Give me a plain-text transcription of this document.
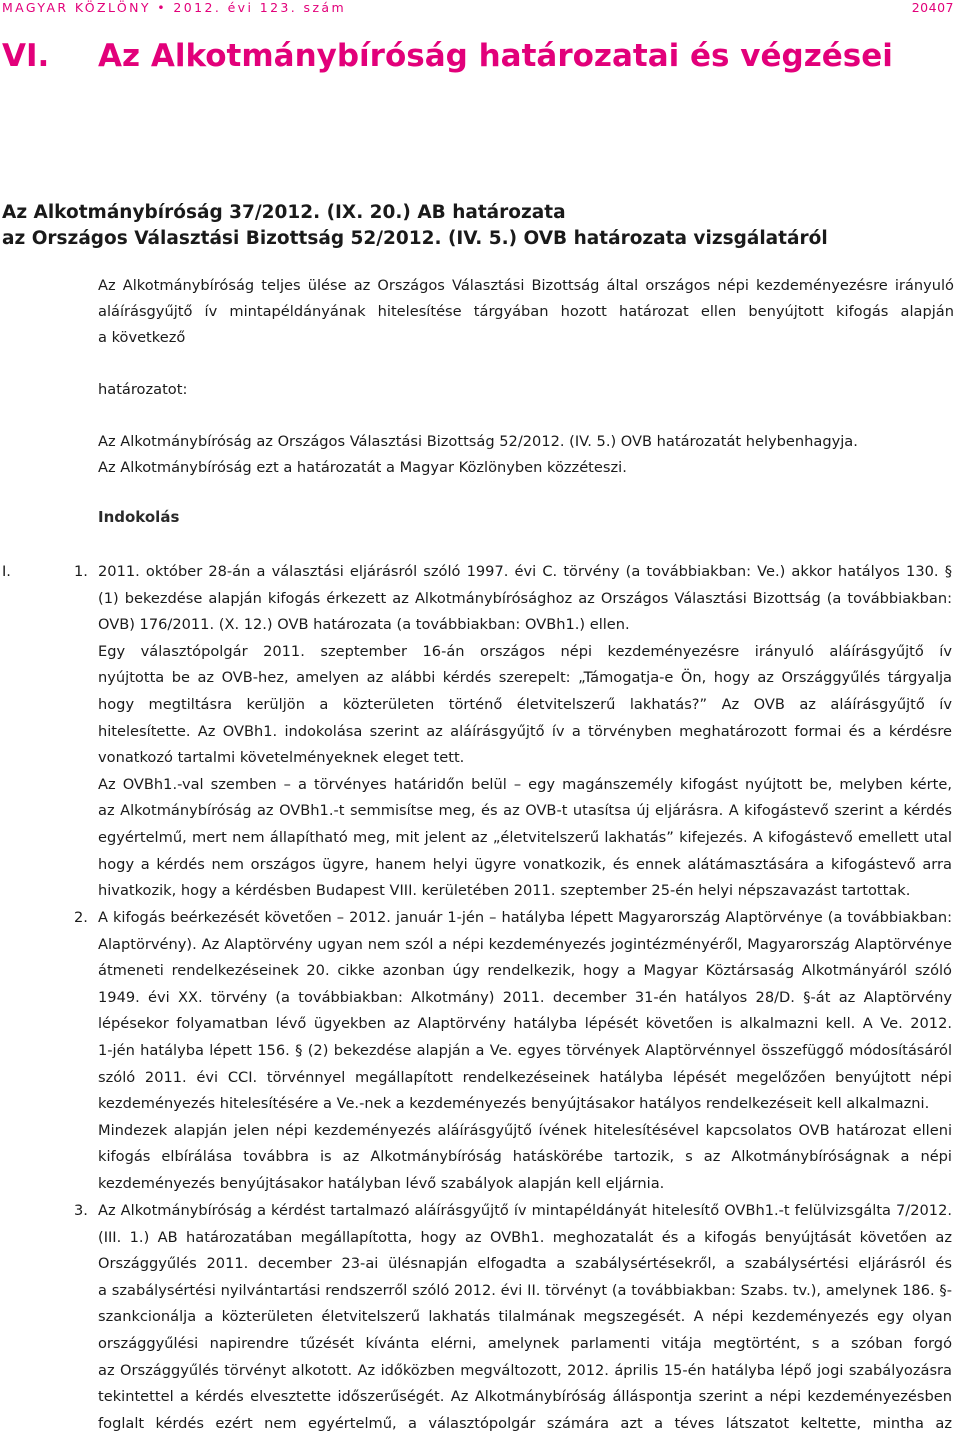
MAGYAR KÖZLÖNY • 2012. évi 123. szám	20407
VI. Az Alkotmánybíróság határozatai és végzései
Az Alkotmánybíróság 37/2012. (IX. 20.) AB határozata
az Országos Választási Bizottság 52/2012. (IV. 5.) OVB határozata vizsgálatáról
Az Alkotmánybíróság teljes ülése az Országos Választási Bizottság által országos népi kezdeményezésre irányuló
aláírásgyűjtő ív mintapéldányának hitelesítése tárgyában hozott határozat ellen benyújtott kifogás alapján
a következő
határozatot:
Az Alkotmánybíróság az Országos Választási Bizottság 52/2012. (IV. 5.) OVB határozatát helybenhagyja.
Az Alkotmánybíróság ezt a határozatát a Magyar Közlönyben közzéteszi.
Indokolás
I.	1. 2011. október 28-án a választási eljárásról szóló 1997. évi C. törvény (a továbbiakban: Ve.) akkor hatályos 130. §
(1) bekezdése alapján kifogás érkezett az Alkotmánybírósághoz az Országos Választási Bizottság (a továbbiakban:
OVB) 176/2011. (X. 12.) OVB határozata (a továbbiakban: OVBh1.) ellen.
Egy választópolgár 2011. szeptember 16-án országos népi kezdeményezésre irányuló aláírásgyűjtő ív
nyújtotta be az OVB-hez, amelyen az alábbi kérdés szerepelt: „Támogatja-e Ön, hogy az Országgyűlés tárgyalja
hogy megtiltásra kerüljön a közterületen történő életvitelszerű lakhatás?” Az OVB az aláírásgyűjtő ív
hitelesítette. Az OVBh1. indokolása szerint az aláírásgyűjtő ív a törvényben meghatározott formai és a kérdésre
vonatkozó tartalmi követelményeknek eleget tett.
Az OVBh1.-val szemben – a törvényes határidőn belül – egy magánszemély kifogást nyújtott be, melyben kérte,
az Alkotmánybíróság az OVBh1.-t semmisítse meg, és az OVB-t utasítsa új eljárásra. A kifogástevő szerint a kérdés
egyértelmű, mert nem állapítható meg, mit jelent az „életvitelszerű lakhatás” kifejezés. A kifogástevő emellett utal
hogy a kérdés nem országos ügyre, hanem helyi ügyre vonatkozik, és ennek alátámasztására a kifogástevő arra
hivatkozik, hogy a kérdésben Budapest VIII. kerületében 2011. szeptember 25-én helyi népszavazást tartottak.
2. A kifogás beérkezését követően – 2012. január 1-jén – hatályba lépett Magyarország Alaptörvénye (a továbbiakban:
Alaptörvény). Az Alaptörvény ugyan nem szól a népi kezdeményezés jogintézményéről, Magyarország Alaptörvénye
átmeneti rendelkezéseinek 20. cikke azonban úgy rendelkezik, hogy a Magyar Köztársaság Alkotmányáról szóló
1949. évi XX. törvény (a továbbiakban: Alkotmány) 2011. december 31-én hatályos 28/D. §-át az Alaptörvény
lépésekor folyamatban lévő ügyekben az Alaptörvény hatályba lépését követően is alkalmazni kell. A Ve. 2012.
1-jén hatályba lépett 156. § (2) bekezdése alapján a Ve. egyes törvények Alaptörvénnyel összefüggő módosításáról
szóló 2011. évi CCI. törvénnyel megállapított rendelkezéseinek hatályba lépését megelőzően benyújtott népi
kezdeményezés hitelesítésére a Ve.-nek a kezdeményezés benyújtásakor hatályos rendelkezéseit kell alkalmazni.
Mindezek alapján jelen népi kezdeményezés aláírásgyűjtő ívének hitelesítésével kapcsolatos OVB határozat elleni
kifogás elbírálása továbbra is az Alkotmánybíróság hatáskörébe tartozik, s az Alkotmánybíróságnak a népi
kezdeményezés benyújtásakor hatályban lévő szabályok alapján kell eljárnia.
3. Az Alkotmánybíróság a kérdést tartalmazó aláírásgyűjtő ív mintapéldányát hitelesítő OVBh1.-t felülvizsgálta 7/2012.
(III. 1.) AB határozatában megállapította, hogy az OVBh1. meghozatalát és a kifogás benyújtását követően az
Országgyűlés 2011. december 23-ai ülésnapján elfogadta a szabálysértésekről, a szabálysértési eljárásról és
a szabálysértési nyilvántartási rendszerről szóló 2012. évi II. törvényt (a továbbiakban: Szabs. tv.), amelynek 186. §-
szankcionálja a közterületen életvitelszerű lakhatás tilalmának megszegését. A népi kezdeményezés egy olyan
országgyűlési napirendre tűzését kívánta elérni, amelynek parlamenti vitája megtörtént, s a szóban forgó
az Országgyűlés törvényt alkotott. Az időközben megváltozott, 2012. április 15-én hatályba lépő jogi szabályozásra
tekintettel a kérdés elvesztette időszerűségét. Az Alkotmánybíróság álláspontja szerint a népi kezdeményezésben
foglalt kérdés ezért nem egyértelmű, a választópolgár számára azt a téves látszatot keltette, mintha az
